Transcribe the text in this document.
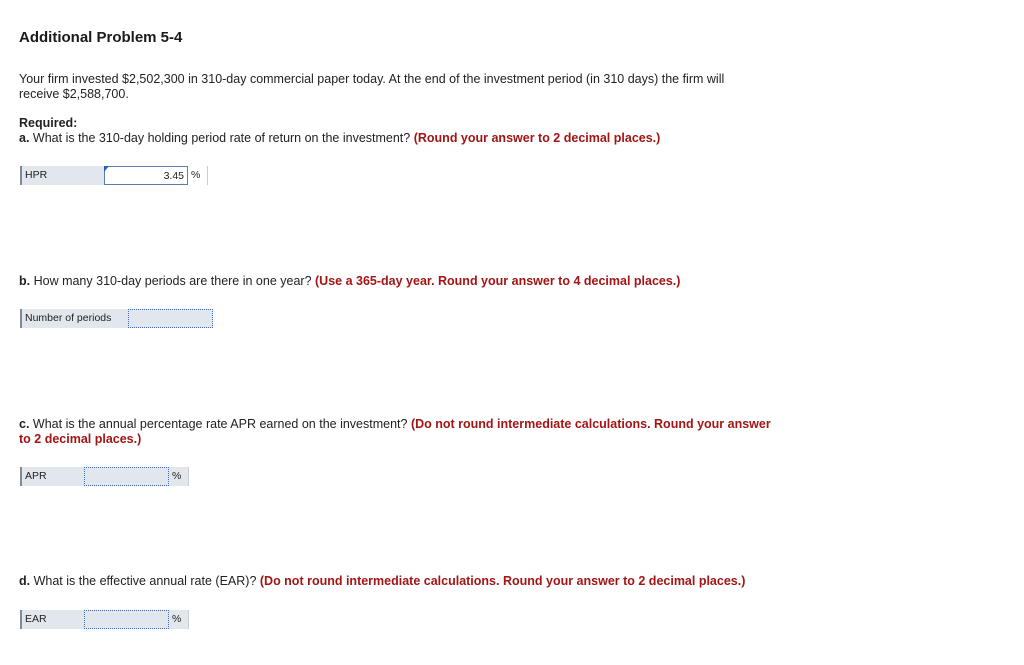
Additional Problem 5-4
Your firm invested $2,502,300 in 310-day commercial paper today. At the end of the investment period (in 310 days) the firm will
receive $2,588,700.
Required:
a. What is the 310-day holding period rate of return on the investment? (Round your answer to 2 decimal places.)
HPR
3.45	%
b. How many 310-day periods are there in one year? (Use a 365-day year. Round your answer to 4 decimal places.)
Number of periods
c. What is the annual percentage rate APR earned on the investment? (Do not round intermediate calculations. Round your answer
to 2 decimal places.)
APR	%
d. What is the effective annual rate (EAR)? (Do not round intermediate calculations. Round your answer to 2 decimal places.)
EAR	%
